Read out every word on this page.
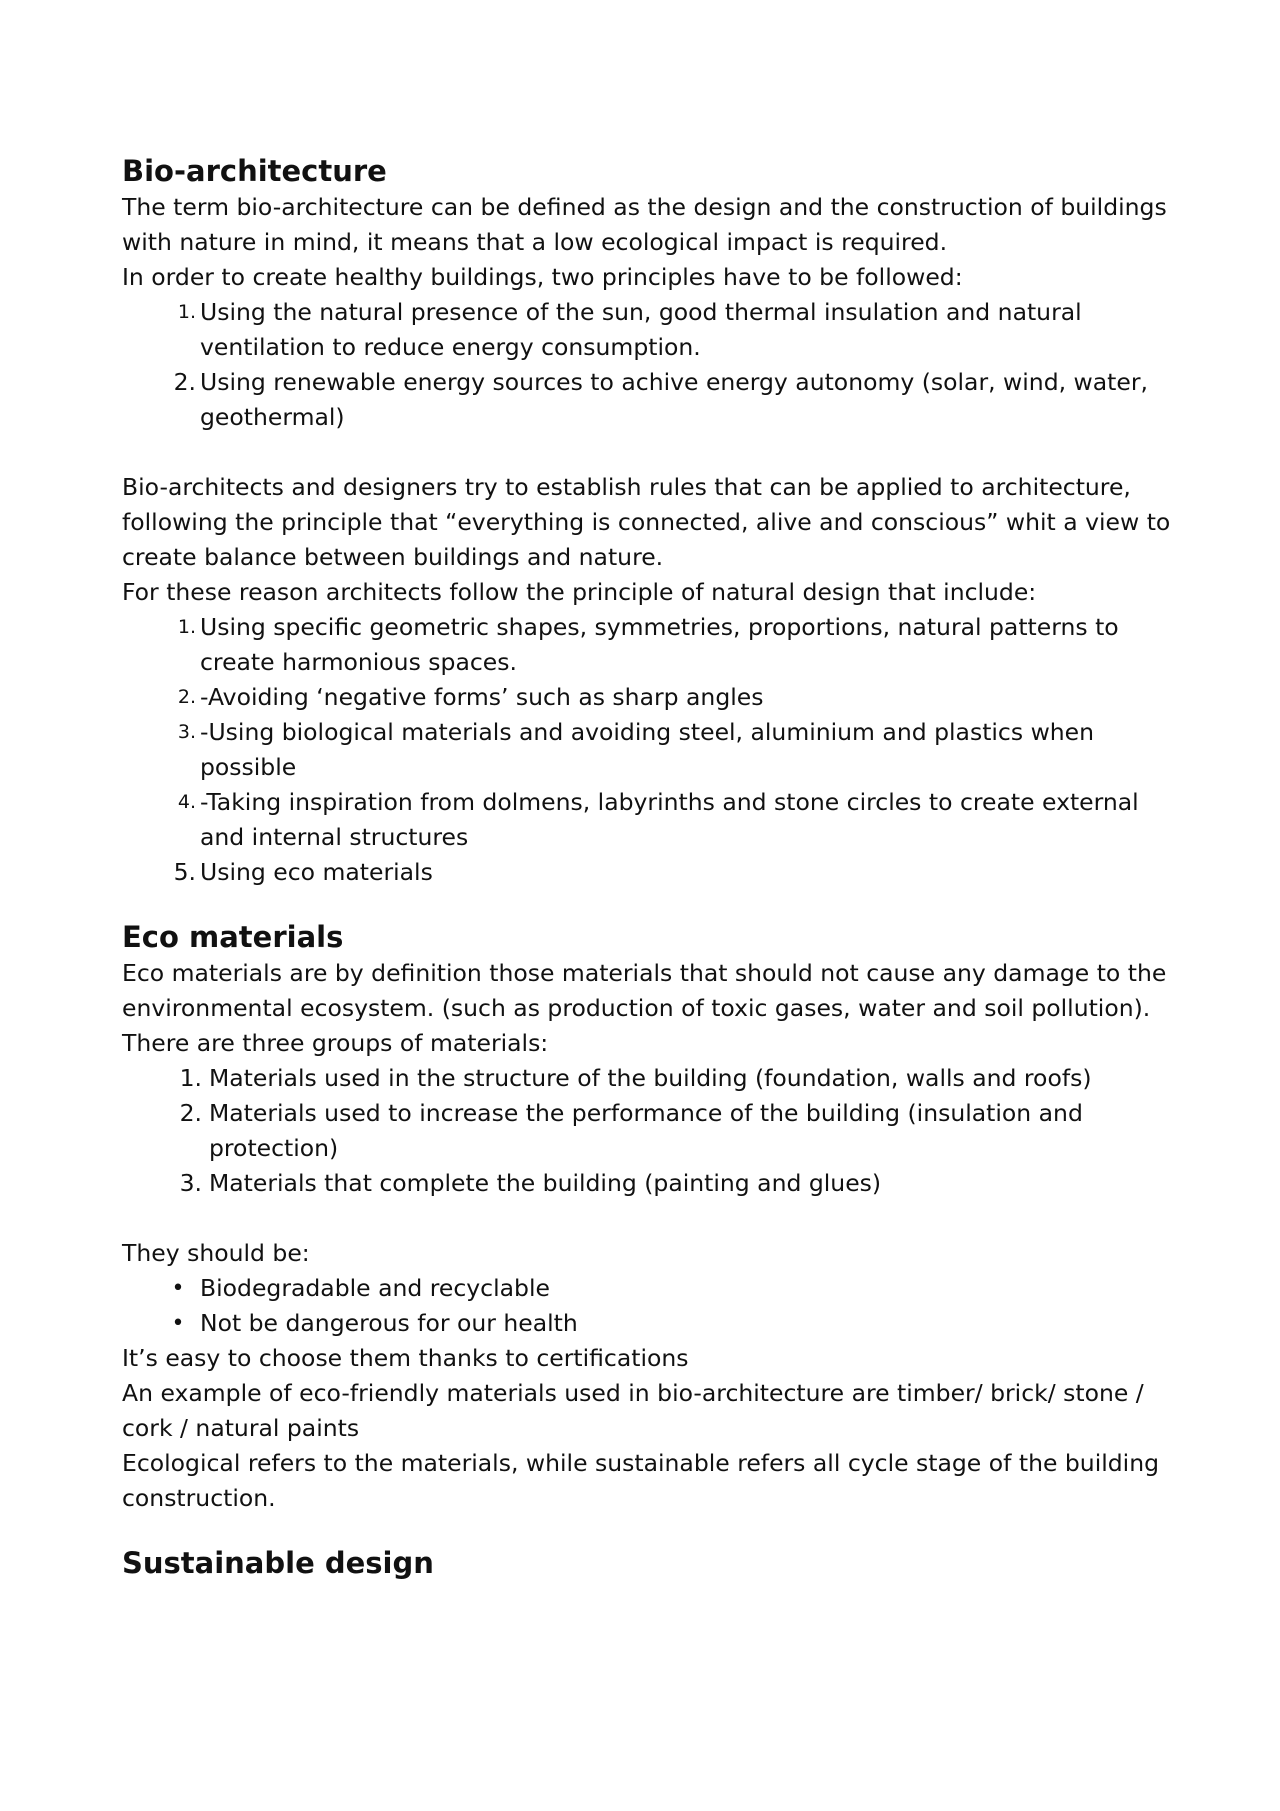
Bio-architecture

The term bio-architecture can be defined as the design and the construction of buildings with nature in mind, it means that a low ecological impact is required.

In order to create healthy buildings, two principles have to be followed:

1. Using the natural presence of the sun, good thermal insulation and natural ventilation to reduce energy consumption.
2. Using renewable energy sources to achive energy autonomy (solar, wind, water, geothermal)

Bio-architects and designers try to establish rules that can be applied to architecture, following the principle that “everything is connected, alive and conscious” whit a view to create balance between buildings and nature.

For these reason architects follow the principle of natural design that include:

1. Using specific geometric shapes, symmetries, proportions, natural patterns to create harmonious spaces.
2. -Avoiding ‘negative forms’ such as sharp angles
3. -Using biological materials and avoiding steel, aluminium and plastics when possible
4. -Taking inspiration from dolmens, labyrinths and stone circles to create external and internal structures
5. Using eco materials
Eco materials

Eco materials are by definition those materials that should not cause any damage to the environmental ecosystem. (such as production of toxic gases, water and soil pollution).

There are three groups of materials:

1. Materials used in the structure of the building (foundation, walls and roofs)
2. Materials used to increase the performance of the building (insulation and protection)
3. Materials that complete the building (painting and glues)

They should be:

• Biodegradable and recyclable
• Not be dangerous for our health

It’s easy to choose them thanks to certifications

An example of eco-friendly materials used in bio-architecture are timber/ brick/ stone / cork / natural paints

Ecological refers to the materials, while sustainable refers all cycle stage of the building construction.

Sustainable design
